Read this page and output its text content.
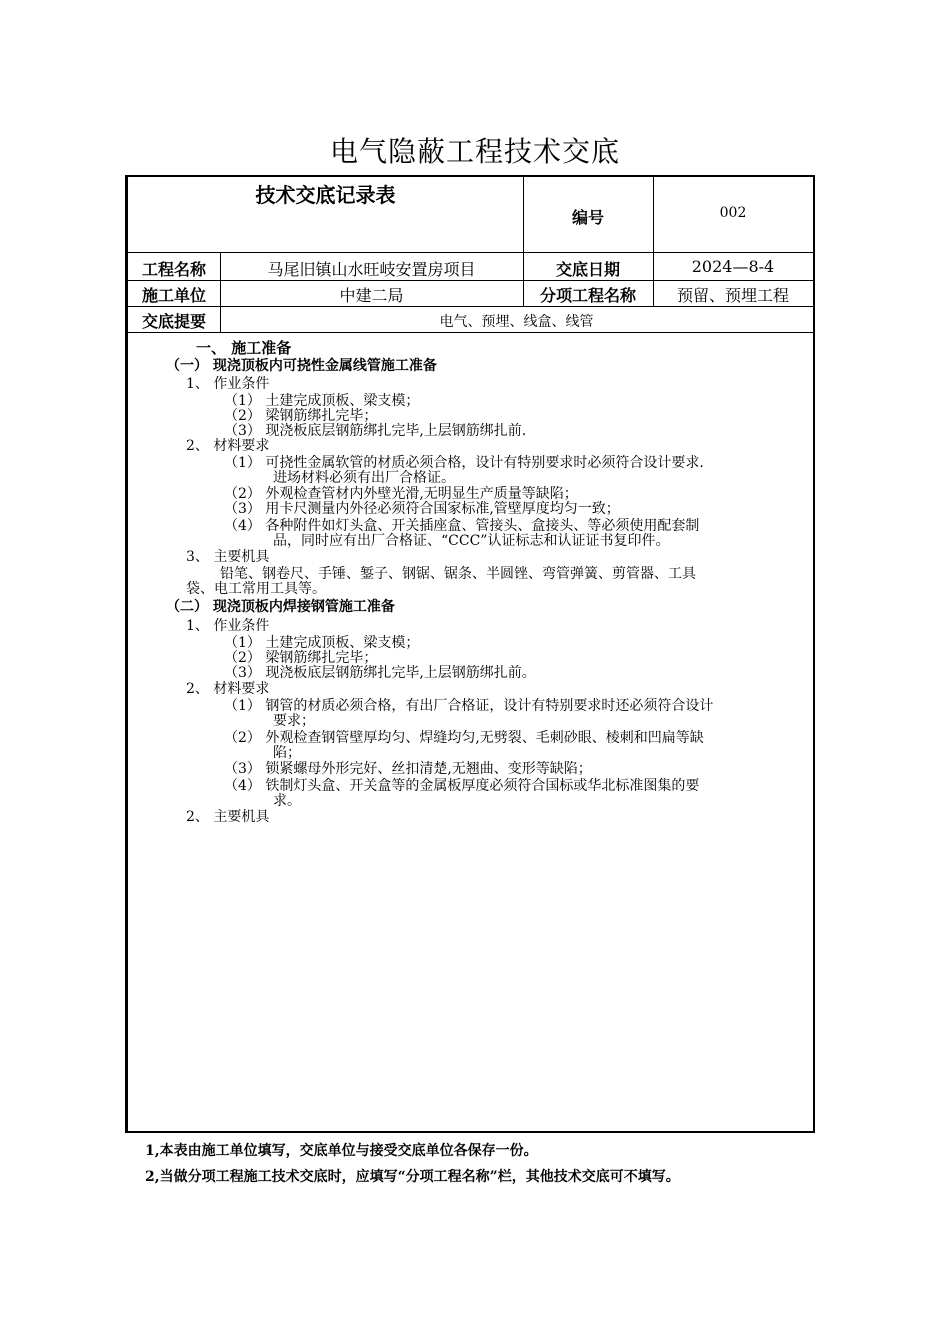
电气隐蔽工程技术交底
技术交底记录表
编号	002
工程名称	马尾旧镇山水旺岐安置房项目	交底日期	2024—8-4
施工单位	中建二局	分项工程名称	预留、预埋工程
交底提要	电气、预埋、线盒、线管
一、 施工准备
（一） 现浇顶板内可挠性金属线管施工准备
1、 作业条件
（1） 土建完成顶板、梁支模；
（2） 梁钢筋绑扎完毕；
（3） 现浇板底层钢筋绑扎完毕,上层钢筋绑扎前.
2、 材料要求
（1） 可挠性金属软管的材质必须合格，设计有特别要求时必须符合设计要求.
进场材料必须有出厂合格证。
（2） 外观检查管材内外壁光滑,无明显生产质量等缺陷；
（3） 用卡尺测量内外径必须符合国家标准,管壁厚度均匀一致；
（4） 各种附件如灯头盒、开关插座盒、管接头、盒接头、等必须使用配套制
品，同时应有出厂合格证、“CCC”认证标志和认证证书复印件。
3、 主要机具
铅笔、钢卷尺、手锤、錾子、钢锯、锯条、半圆锉、弯管弹簧、剪管器、工具
袋、电工常用工具等。
（二） 现浇顶板内焊接钢管施工准备
1、 作业条件
（1） 土建完成顶板、梁支模；
（2） 梁钢筋绑扎完毕；
（3） 现浇板底层钢筋绑扎完毕,上层钢筋绑扎前。
2、 材料要求
（1） 钢管的材质必须合格，有出厂合格证，设计有特别要求时还必须符合设计
要求；
（2） 外观检查钢管壁厚均匀、焊缝均匀,无劈裂、毛刺砂眼、棱刺和凹扁等缺
陷；
（3） 锁紧螺母外形完好、丝扣清楚,无翘曲、变形等缺陷；
（4） 铁制灯头盒、开关盒等的金属板厚度必须符合国标或华北标准图集的要
求。
2、 主要机具
1,本表由施工单位填写，交底单位与接受交底单位各保存一份。
2,当做分项工程施工技术交底时，应填写“分项工程名称”栏，其他技术交底可不填写。
